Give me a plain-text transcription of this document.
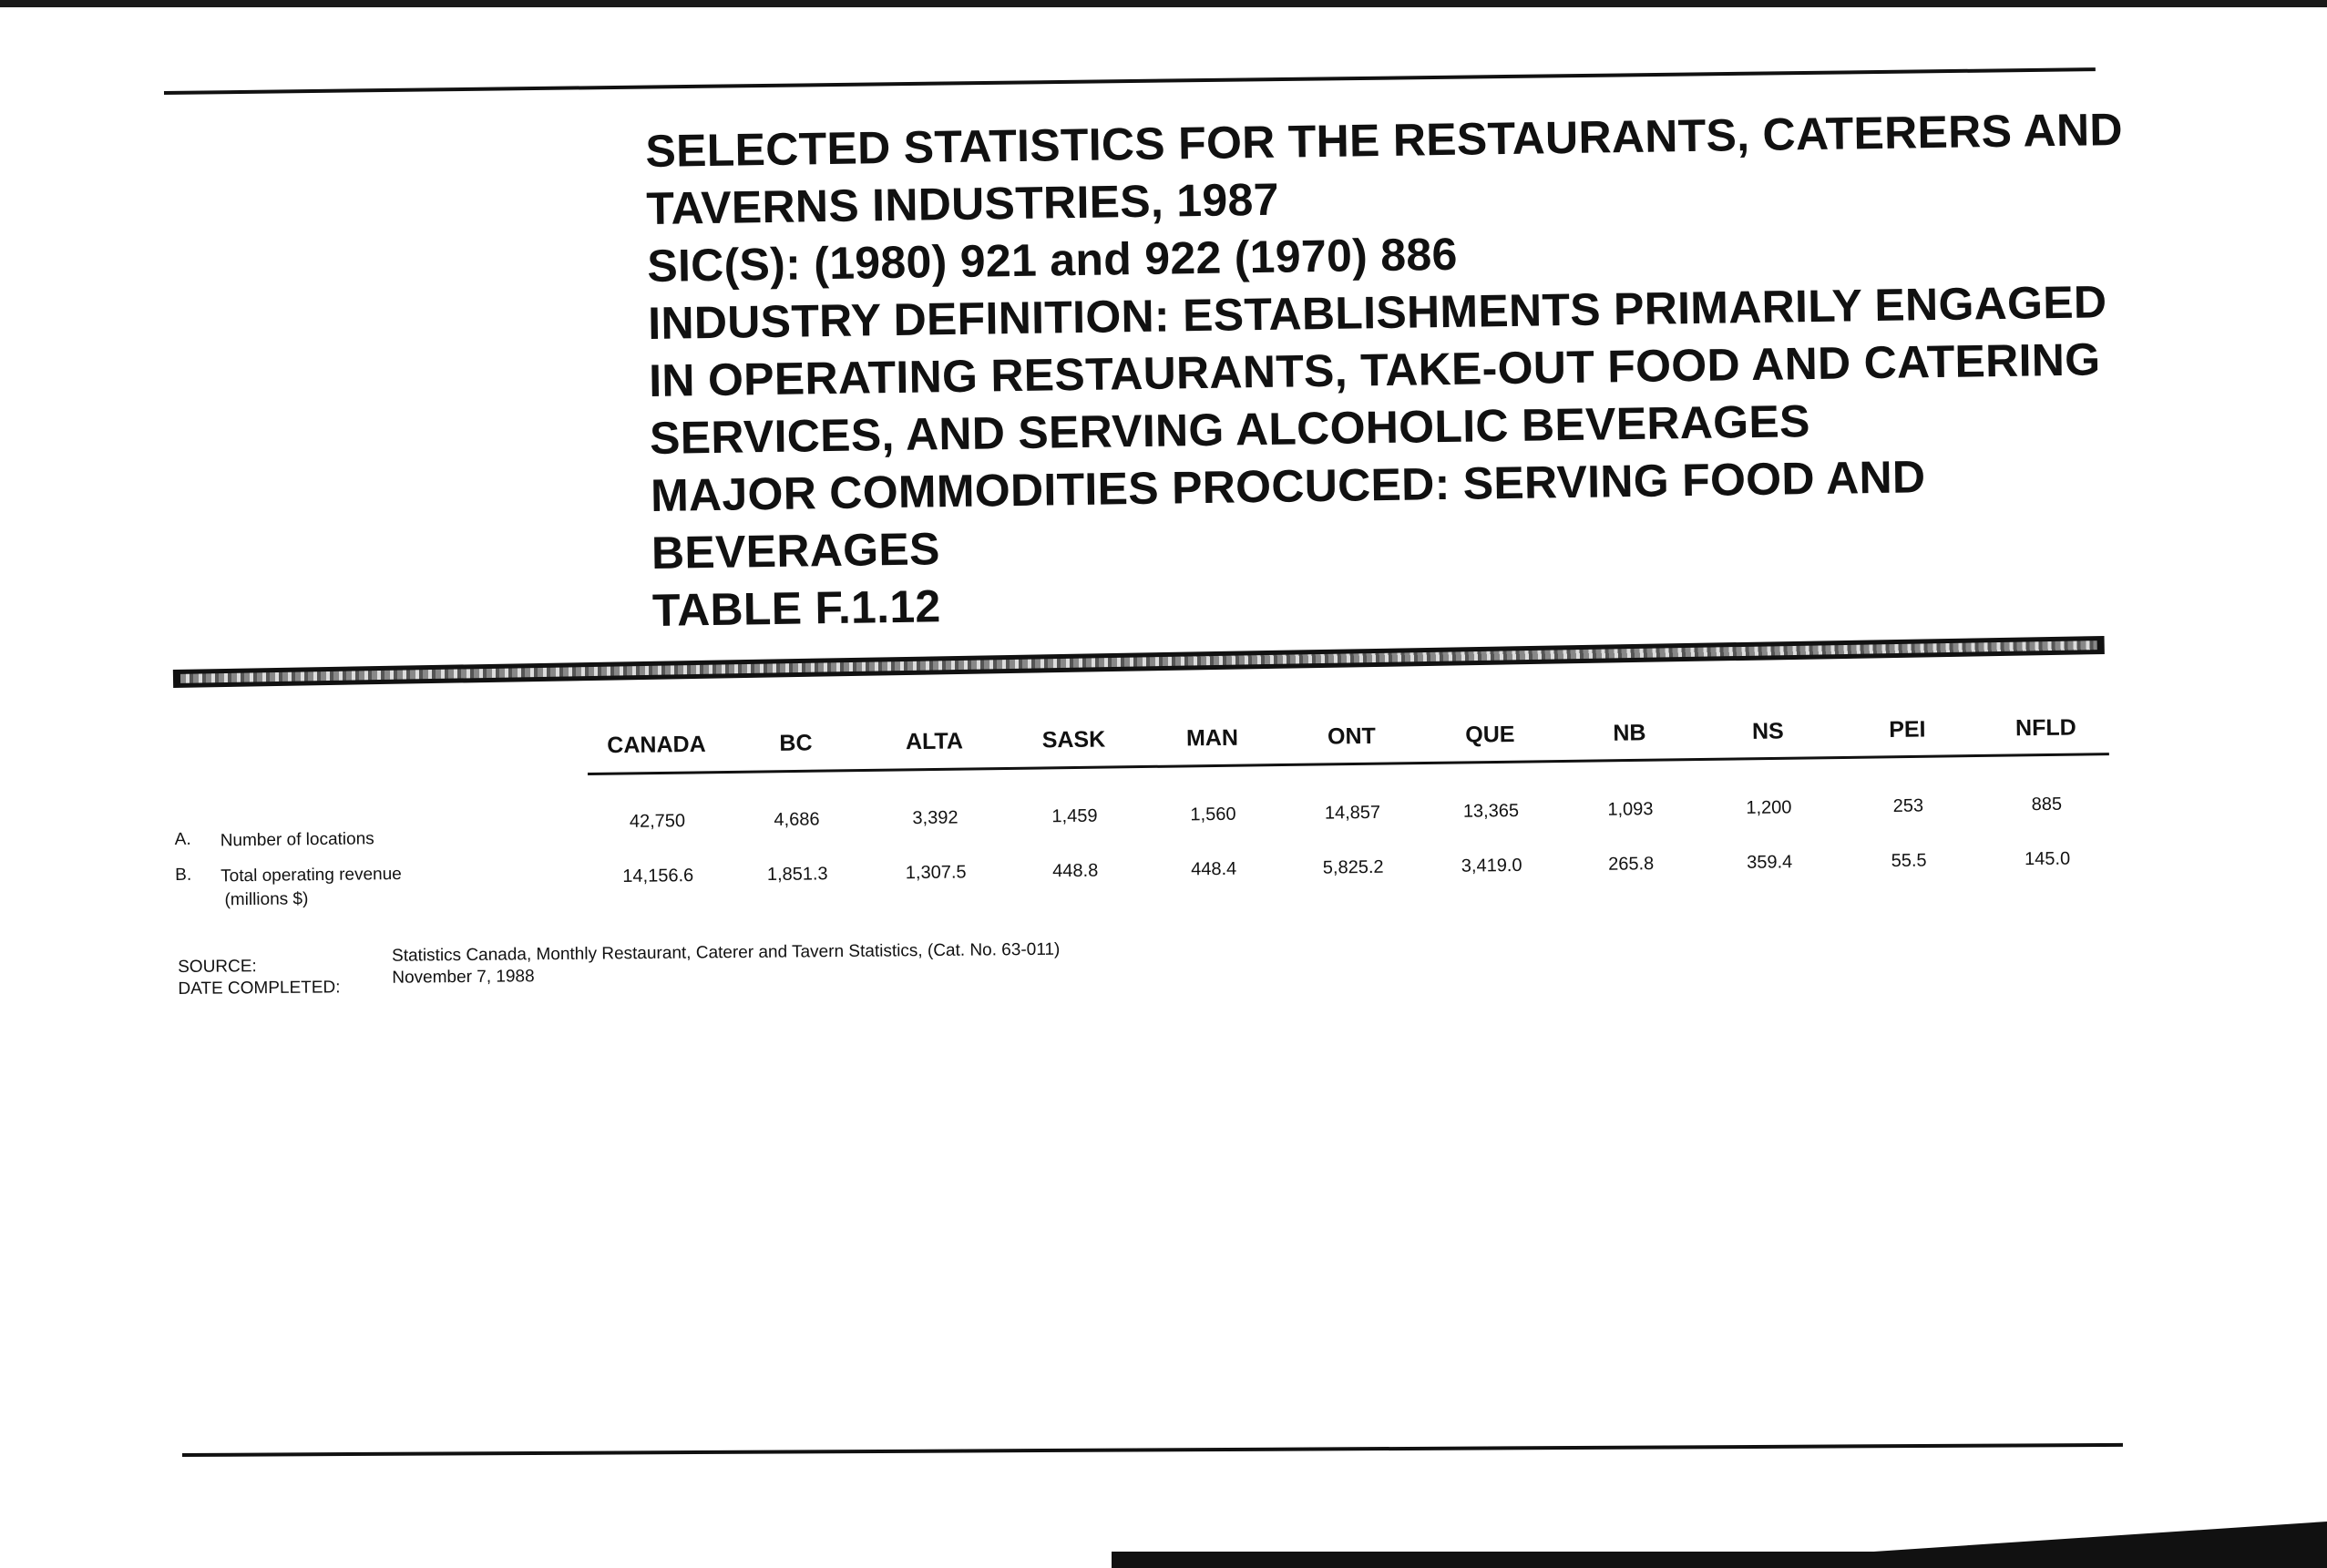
SELECTED STATISTICS FOR THE RESTAURANTS, CATERERS AND
TAVERNS INDUSTRIES, 1987
SIC(S): (1980) 921 and 922 (1970) 886
INDUSTRY DEFINITION: ESTABLISHMENTS PRIMARILY ENGAGED
IN OPERATING RESTAURANTS, TAKE-OUT FOOD AND CATERING
SERVICES, AND SERVING ALCOHOLIC BEVERAGES
MAJOR COMMODITIES PROCUCED: SERVING FOOD AND
BEVERAGES
TABLE F.1.12
CANADA	BC	ALTA	SASK	MAN	ONT	QUE	NB	NS	PEI	NFLD
A. Number of locations
42,750	4,686	3,392	1,459	1,560	14,857	13,365	1,093	1,200	253	885
B. Total operating revenue
(millions $)
14,156.6	1,851.3	1,307.5	448.8	448.4	5,825.2	3,419.0	265.8	359.4	55.5	145.0
SOURCE:
Statistics Canada, Monthly Restaurant, Caterer and Tavern Statistics, (Cat. No. 63-011)
DATE COMPLETED:
November 7, 1988
